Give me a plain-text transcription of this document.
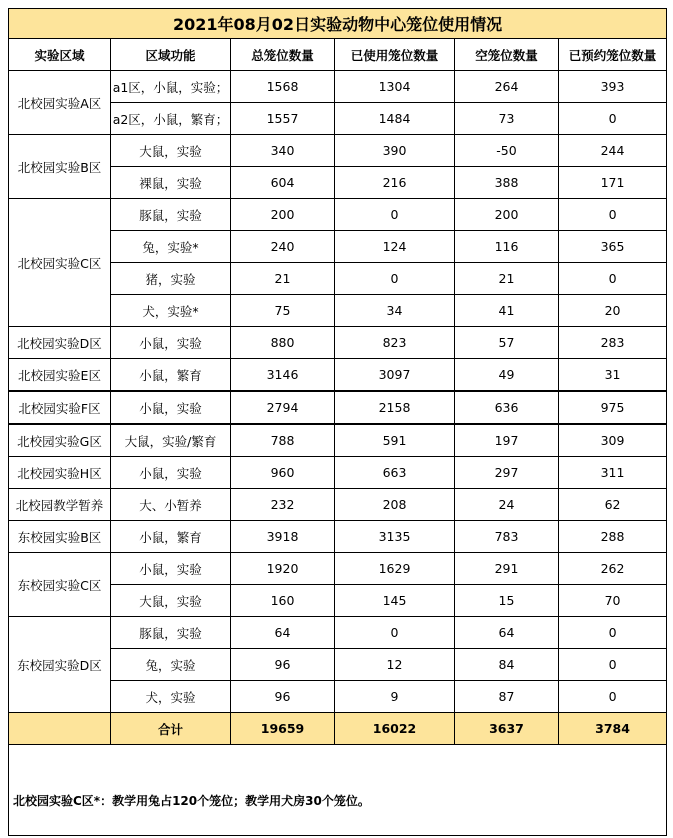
2021年08月02日实验动物中心笼位使用情况					
实验区域	区域功能	总笼位数量	已使用笼位数量	空笼位数量	已预约笼位数量
北校园实验A区	a1区，小鼠，实验；	1568	1304	264	393
	a2区，小鼠，繁育；	1557	1484	73	0
北校园实验B区	大鼠，实验	340	390	-50	244
	裸鼠，实验	604	216	388	171
北校园实验C区	豚鼠，实验	200	0	200	0
	兔，实验*	240	124	116	365
	猪，实验	21	0	21	0
	犬，实验*	75	34	41	20
北校园实验D区	小鼠，实验	880	823	57	283
北校园实验E区	小鼠，繁育	3146	3097	49	31
北校园实验F区	小鼠，实验	2794	2158	636	975
北校园实验G区	大鼠，实验/繁育	788	591	197	309
北校园实验H区	小鼠，实验	960	663	297	311
北校园教学暂养	大、小暂养	232	208	24	62
东校园实验B区	小鼠，繁育	3918	3135	783	288
东校园实验C区	小鼠，实验	1920	1629	291	262
	大鼠，实验	160	145	15	70
东校园实验D区	豚鼠，实验	64	0	64	0
	兔，实验	96	12	84	0
	犬，实验	96	9	87	0
	合计	19659	16022	3637	3784
北校园实验C区*：教学用兔占120个笼位；教学用犬房30个笼位。					
